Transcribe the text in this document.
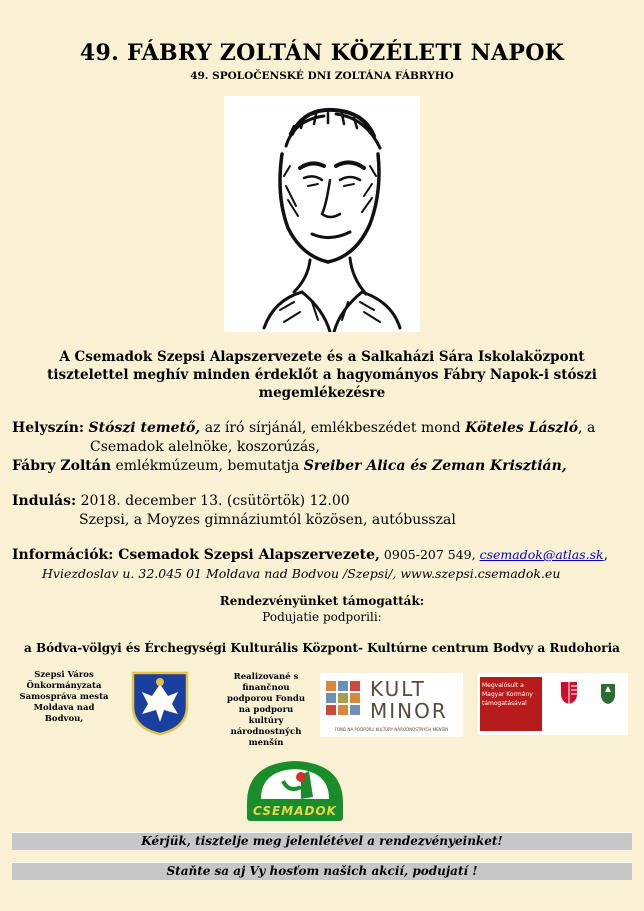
49. FÁBRY ZOLTÁN KÖZÉLETI NAPOK
49. SPOLOČENSKÉ DNI ZOLTÁNA FÁBRYHO
A Csemadok Szepsi Alapszervezete és a Salkaházi Sára Iskolaközpont
tisztelettel meghív minden érdeklőt a hagyományos Fábry Napok-i stószi
megemlékezésre
Helyszín: Stószi temető, az író sírjánál, emlékbeszédet mond Köteles László, a
Csemadok alelnöke, koszorúzás,
Fábry Zoltán emlékmúzeum, bemutatja Sreiber Alica és Zeman Krisztián,
Indulás: 2018. december 13. (csütörtök) 12.00
Szepsi, a Moyzes gimnáziumtól közösen, autóbusszal
Információk: Csemadok Szepsi Alapszervezete, 0905-207 549, csemadok@atlas.sk,
Hviezdoslav u. 32.045 01 Moldava nad Bodvou /Szepsi/, www.szepsi.csemadok.eu
Rendezvényünket támogatták:
Podujatie podporili:
a Bódva-völgyi és Érchegységi Kulturális Központ- Kultúrne centrum Bodvy a Rudohoria
Szepsi Város Önkormányzata Samospráva mesta Moldava nad Bodvou,
Realizované s finančnou podporou Fondu na podporu kultúry národnostných menšín
KULT
MINOR
FOND NA PODPORU KULTÚRY NÁRODNOSTNÝCH MENŠÍN
Megvalósult a Magyar Kormány támogatásával
CSEMADOK
Kérjük, tisztelje meg jelenlétével a rendezvényeinket!
Staňte sa aj Vy hosťom našich akcií, podujatí !
